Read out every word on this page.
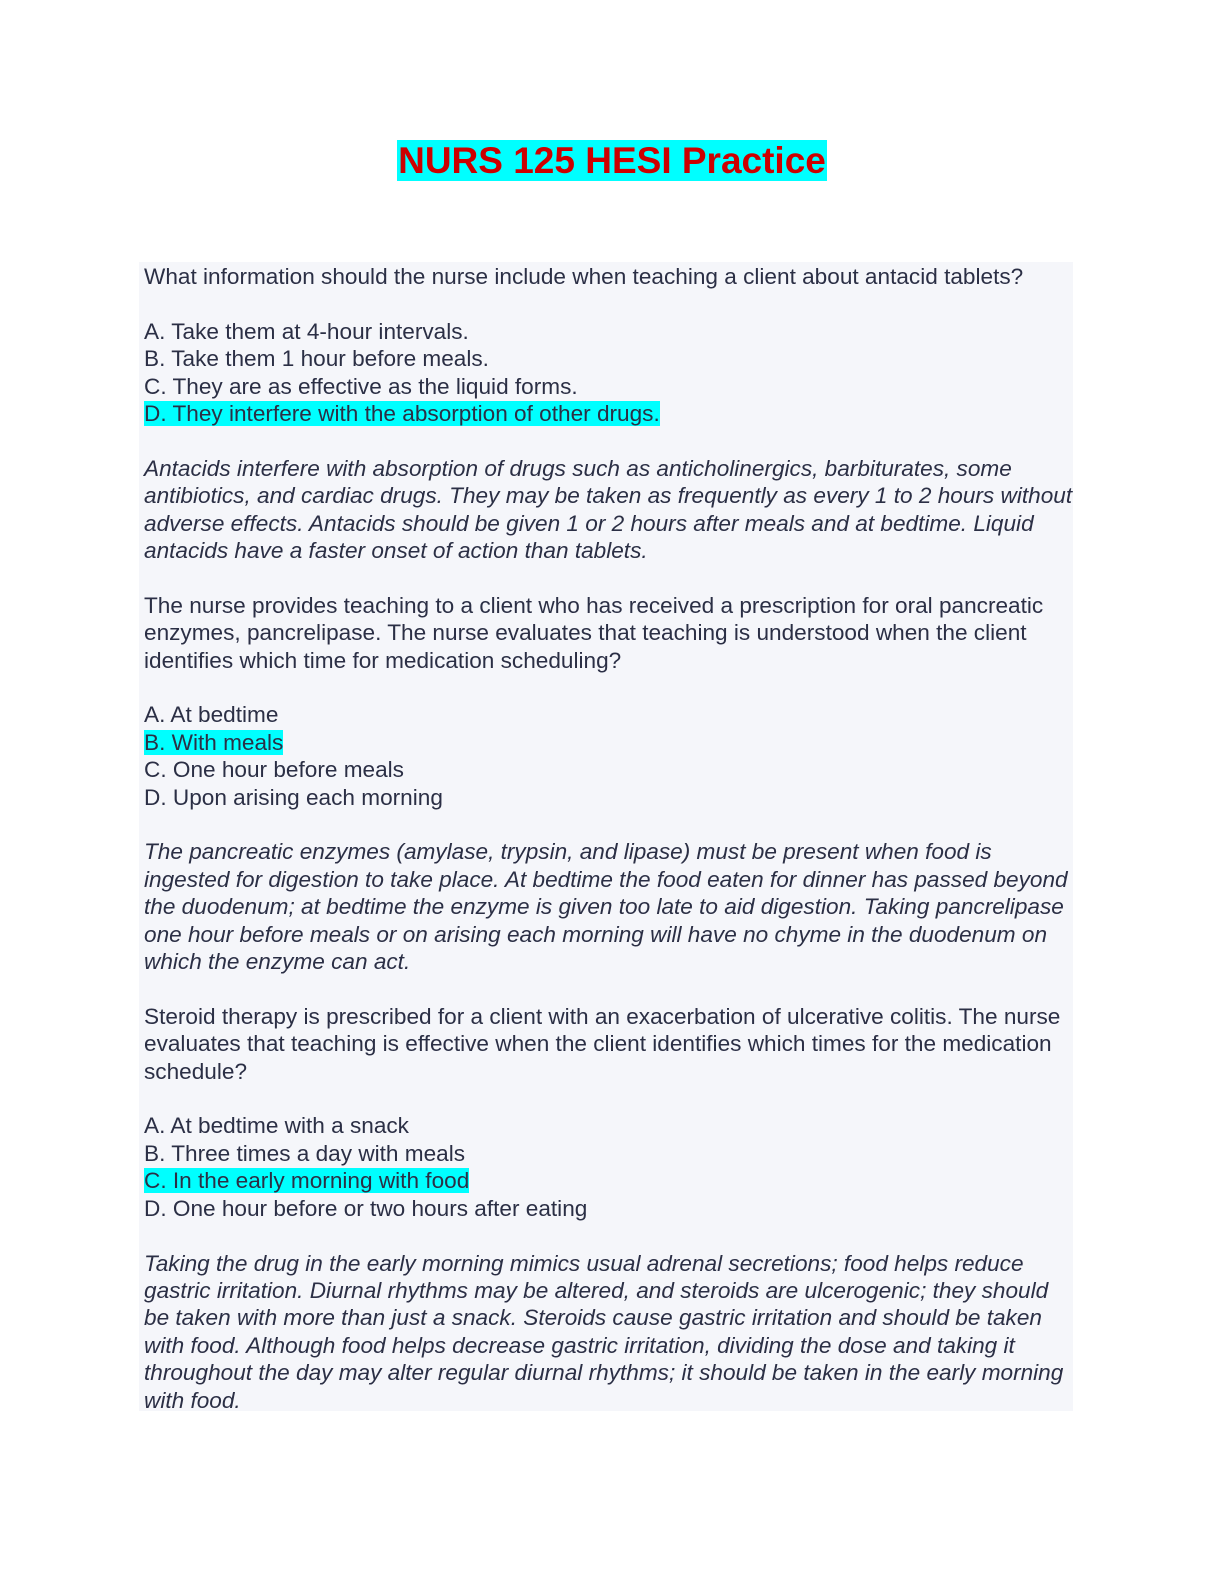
NURS 125 HESI Practice

What information should the nurse include when teaching a client about antacid tablets?

A. Take them at 4-hour intervals.

B. Take them 1 hour before meals.

C. They are as effective as the liquid forms.

D. They interfere with the absorption of other drugs.

Antacids interfere with absorption of drugs such as anticholinergics, barbiturates, some antibiotics, and cardiac drugs. They may be taken as frequently as every 1 to 2 hours without adverse effects. Antacids should be given 1 or 2 hours after meals and at bedtime. Liquid antacids have a faster onset of action than tablets.

The nurse provides teaching to a client who has received a prescription for oral pancreatic enzymes, pancrelipase. The nurse evaluates that teaching is understood when the client identifies which time for medication scheduling?

A. At bedtime

B. With meals

C. One hour before meals

D. Upon arising each morning

The pancreatic enzymes (amylase, trypsin, and lipase) must be present when food is ingested for digestion to take place. At bedtime the food eaten for dinner has passed beyond the duodenum; at bedtime the enzyme is given too late to aid digestion. Taking pancrelipase one hour before meals or on arising each morning will have no chyme in the duodenum on which the enzyme can act.

Steroid therapy is prescribed for a client with an exacerbation of ulcerative colitis. The nurse evaluates that teaching is effective when the client identifies which times for the medication schedule?

A. At bedtime with a snack

B. Three times a day with meals

C. In the early morning with food

D. One hour before or two hours after eating

Taking the drug in the early morning mimics usual adrenal secretions; food helps reduce gastric irritation. Diurnal rhythms may be altered, and steroids are ulcerogenic; they should be taken with more than just a snack. Steroids cause gastric irritation and should be taken with food. Although food helps decrease gastric irritation, dividing the dose and taking it throughout the day may alter regular diurnal rhythms; it should be taken in the early morning with food.
